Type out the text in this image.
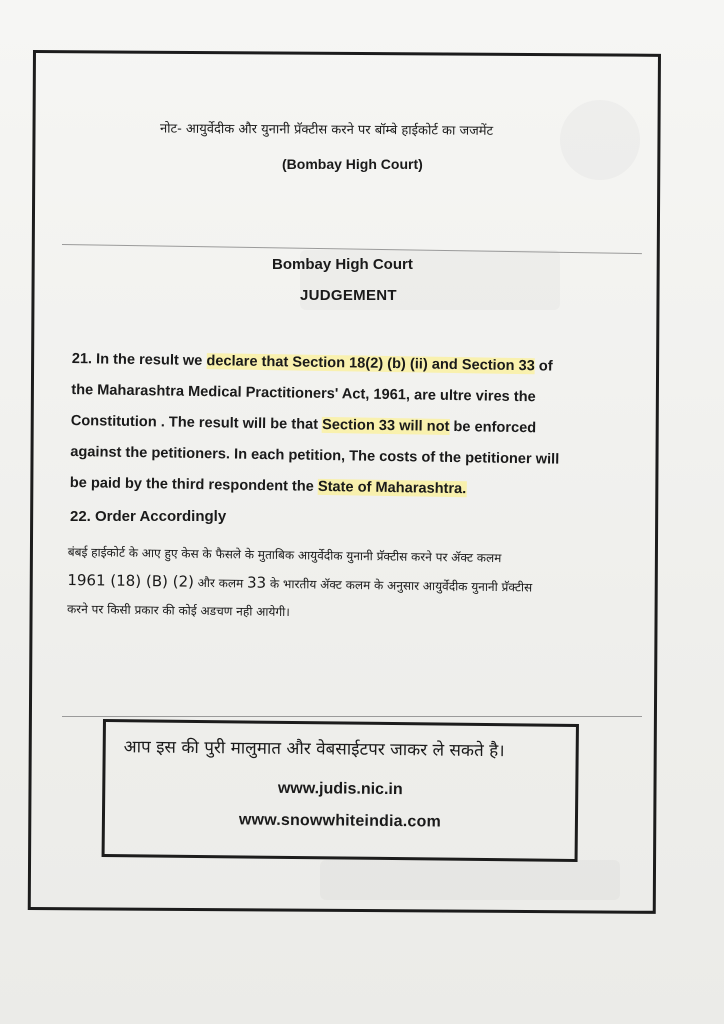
नोट- आयुर्वेदीक और युनानी प्रॅक्टीस करने पर बॉम्बे हाईकोर्ट का जजमेंट
(Bombay High Court)
Bombay High Court
JUDGEMENT
21. In the result we declare that Section 18(2) (b) (ii) and Section 33 of
the Maharashtra Medical Practitioners' Act, 1961, are ultre vires the
Constitution . The result will be that Section 33 will not be enforced
against the petitioners. In each petition, The costs of the petitioner will
be paid by the third respondent the State of Maharashtra.
22. Order Accordingly
बंबई हाईकोर्ट के आए हुए केस के फैसले के मुताबिक आयुर्वेदीक युनानी प्रॅक्टीस करने पर ॲक्ट कलम
1961 (18) (B) (2) और कलम 33 के भारतीय ॲक्ट कलम के अनुसार आयुर्वेदीक युनानी प्रॅक्टीस
करने पर किसी प्रकार की कोई अडचण नही आयेगी।
आप इस की पुरी मालुमात और वेबसाईटपर जाकर ले सकते है।
www.judis.nic.in
www.snowwhiteindia.com
